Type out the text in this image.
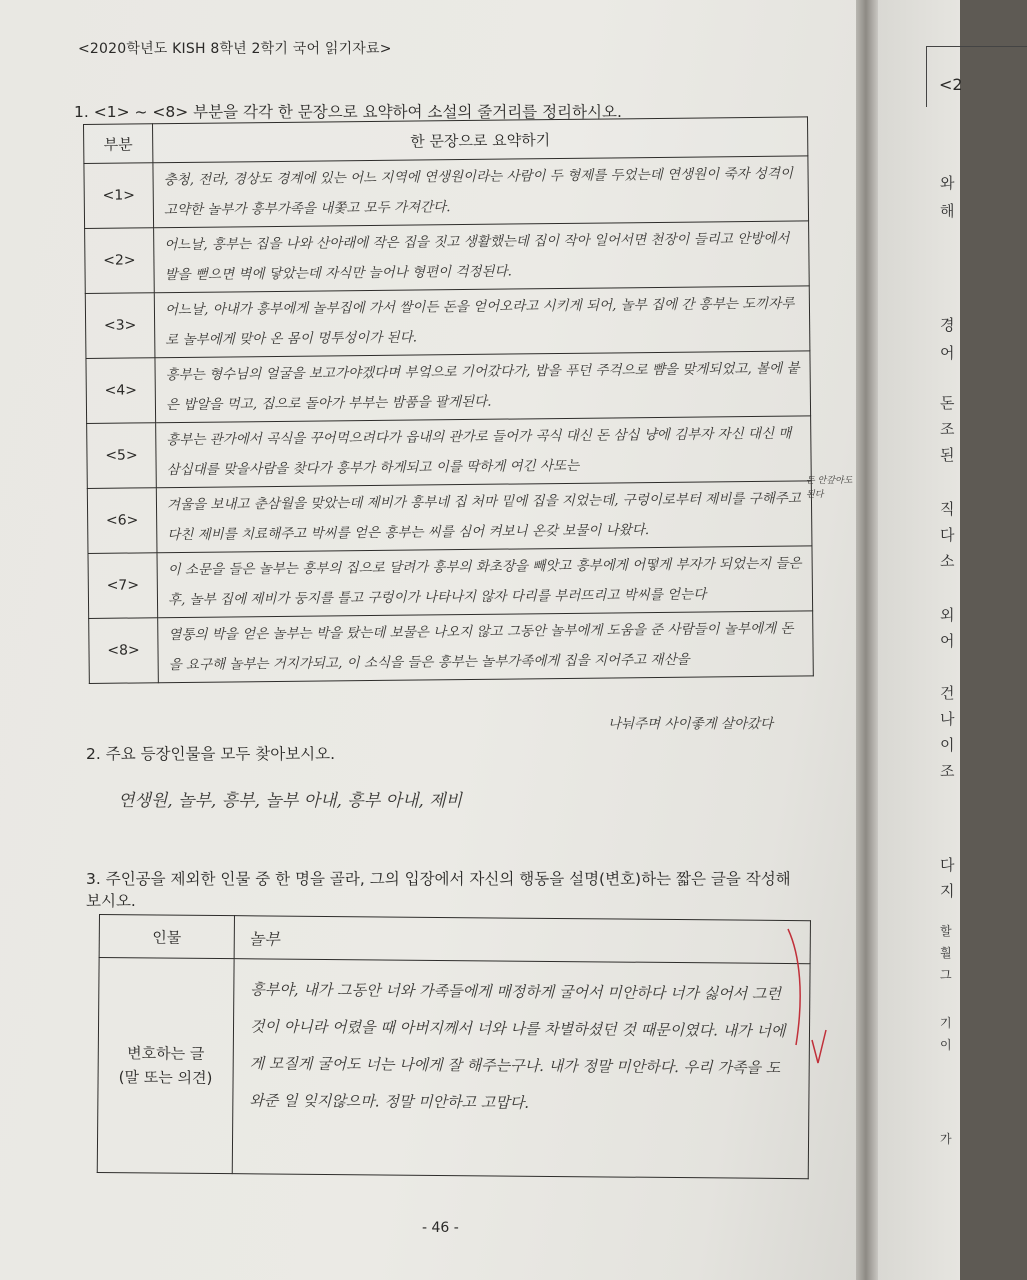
<2020학년도 KISH 8학년 2학기 국어 읽기자료>
1. <1> ~ <8> 부분을 각각 한 문장으로 요약하여 소설의 줄거리를 정리하시오.
부분	한 문장으로 요약하기
<1>	충청, 전라, 경상도 경계에 있는 어느 지역에 연생원이라는 사람이 두 형제를 두었는데 연생원이 죽자 성격이 고약한 놀부가 흥부가족을 내쫓고 모두 가져간다.
<2>	어느날, 흥부는 집을 나와 산아래에 작은 집을 짓고 생활했는데 집이 작아 일어서면 천장이 들리고 안방에서 발을 뻗으면 벽에 닿았는데 자식만 늘어나 형편이 걱정된다.
<3>	어느날, 아내가 흥부에게 놀부집에 가서 쌀이든 돈을 얻어오라고 시키게 되어, 놀부 집에 간 흥부는 도끼자루로 놀부에게 맞아 온 몸이 멍투성이가 된다.
<4>	흥부는 형수님의 얼굴을 보고가야겠다며 부엌으로 기어갔다가, 밥을 푸던 주걱으로 뺨을 맞게되었고, 볼에 붙은 밥알을 먹고, 집으로 돌아가 부부는 밤품을 팔게된다.
<5>	흥부는 관가에서 곡식을 꾸어먹으려다가 읍내의 관가로 들어가 곡식 대신 돈 삼십 냥에 김부자 자신 대신 매 삼십대를 맞을사람을 찾다가 흥부가 하게되고 이를 딱하게 여긴 사또는
<6>	겨울을 보내고 춘삼월을 맞았는데 제비가 흥부네 집 처마 밑에 집을 지었는데, 구렁이로부터 제비를 구해주고 다친 제비를 치료해주고 박씨를 얻은 흥부는 씨를 심어 켜보니 온갖 보물이 나왔다.
<7>	이 소문을 들은 놀부는 흥부의 집으로 달려가 흥부의 화초장을 빼앗고 흥부에게 어떻게 부자가 되었는지 들은 후, 놀부 집에 제비가 둥지를 틀고 구렁이가 나타나지 않자 다리를 부러뜨리고 박씨를 얻는다
<8>	열통의 박을 얻은 놀부는 박을 탔는데 보물은 나오지 않고 그동안 놀부에게 도움을 준 사람들이 놀부에게 돈을 요구해 놀부는 거지가되고, 이 소식을 들은 흥부는 놀부가족에게 집을 지어주고 재산을
돈 안갚아도 된다
나눠주며 사이좋게 살아갔다
2. 주요 등장인물을 모두 찾아보시오.
연생원, 놀부, 흥부, 놀부 아내, 흥부 아내, 제비
3. 주인공을 제외한 인물 중 한 명을 골라, 그의 입장에서 자신의 행동을 설명(변호)하는 짧은 글을 작성해 보시오.
인물	놀부

변호하는 글
(말 또는 의견)	흥부야, 내가 그동안 너와 가족들에게 매정하게 굴어서 미안하다 너가 싫어서 그런것이 아니라 어렸을 때 아버지께서 너와 나를 차별하셨던 것 때문이였다. 내가 너에게 모질게 굴어도 너는 나에게 잘 해주는구나. 내가 정말 미안하다. 우리 가족을 도와준 일 잊지않으마. 정말 미안하고 고맙다.
- 46 -
<2
와
해
경
어
돈
조
된
직
다
소
외
어
건
나
이
조
다
지
할
훨
그
기
이
가
